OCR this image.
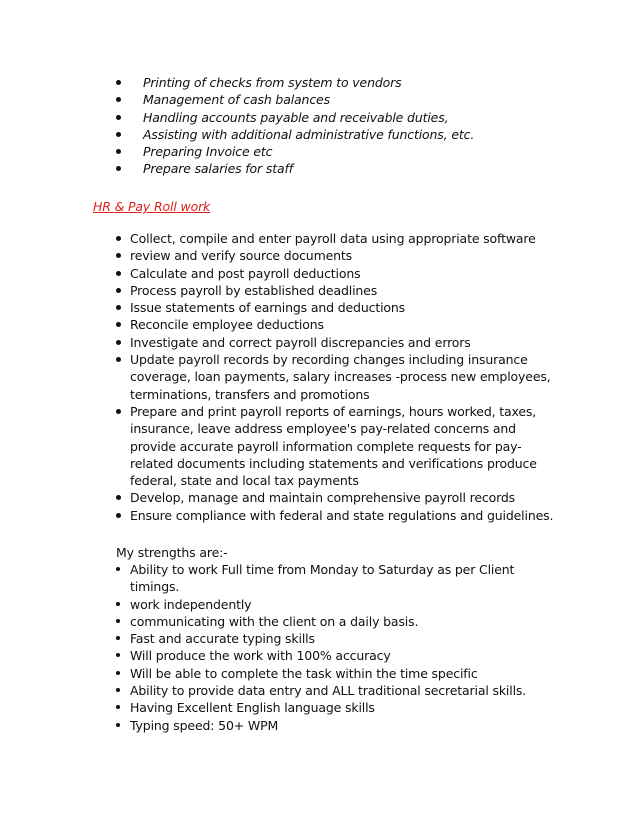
Printing of checks from system to vendors
Management of cash balances
Handling accounts payable and receivable duties,
Assisting with additional administrative functions, etc.
Preparing Invoice etc
Prepare salaries for staff
HR & Pay Roll work
Collect, compile and enter payroll data using appropriate software
review and verify source documents
Calculate and post payroll deductions
Process payroll by established deadlines
Issue statements of earnings and deductions
Reconcile employee deductions
Investigate and correct payroll discrepancies and errors
Update payroll records by recording changes including insurance coverage, loan payments, salary increases -process new employees, terminations, transfers and promotions
Prepare and print payroll reports of earnings, hours worked, taxes, insurance, leave address employee's pay-related concerns and provide accurate payroll information complete requests for pay-related documents including statements and verifications produce federal, state and local tax payments
Develop, manage and maintain comprehensive payroll records
Ensure compliance with federal and state regulations and guidelines.
My strengths are:-
Ability to work Full time from Monday to Saturday as per Client timings.
work independently
communicating with the client on a daily basis.
Fast and accurate typing skills
Will produce the work with 100% accuracy
Will be able to complete the task within the time specific
Ability to provide data entry and ALL traditional secretarial skills.
Having Excellent English language skills
Typing speed: 50+ WPM
